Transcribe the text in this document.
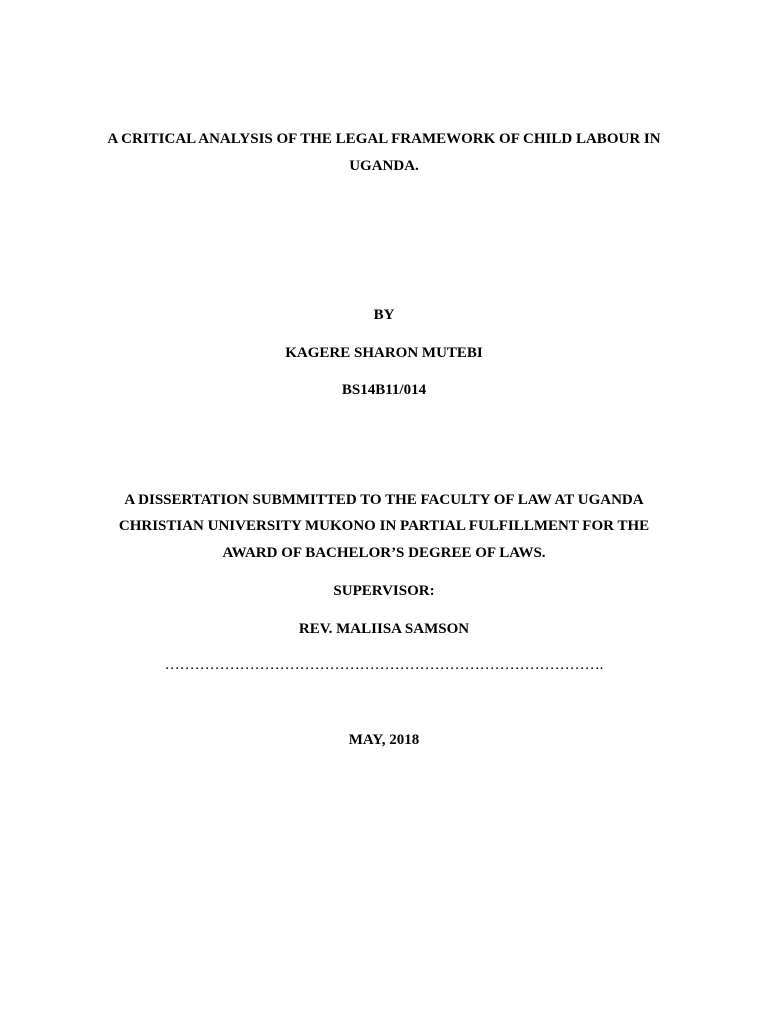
A CRITICAL ANALYSIS OF THE LEGAL FRAMEWORK OF CHILD LABOUR IN
UGANDA.
BY
KAGERE SHARON MUTEBI
BS14B11/014
A DISSERTATION SUBMMITTED TO THE FACULTY OF LAW AT UGANDA
CHRISTIAN UNIVERSITY MUKONO IN PARTIAL FULFILLMENT FOR THE
AWARD OF BACHELOR’S DEGREE OF LAWS.
SUPERVISOR:
REV. MALIISA SAMSON
…………………………………………………………………………….
MAY, 2018
